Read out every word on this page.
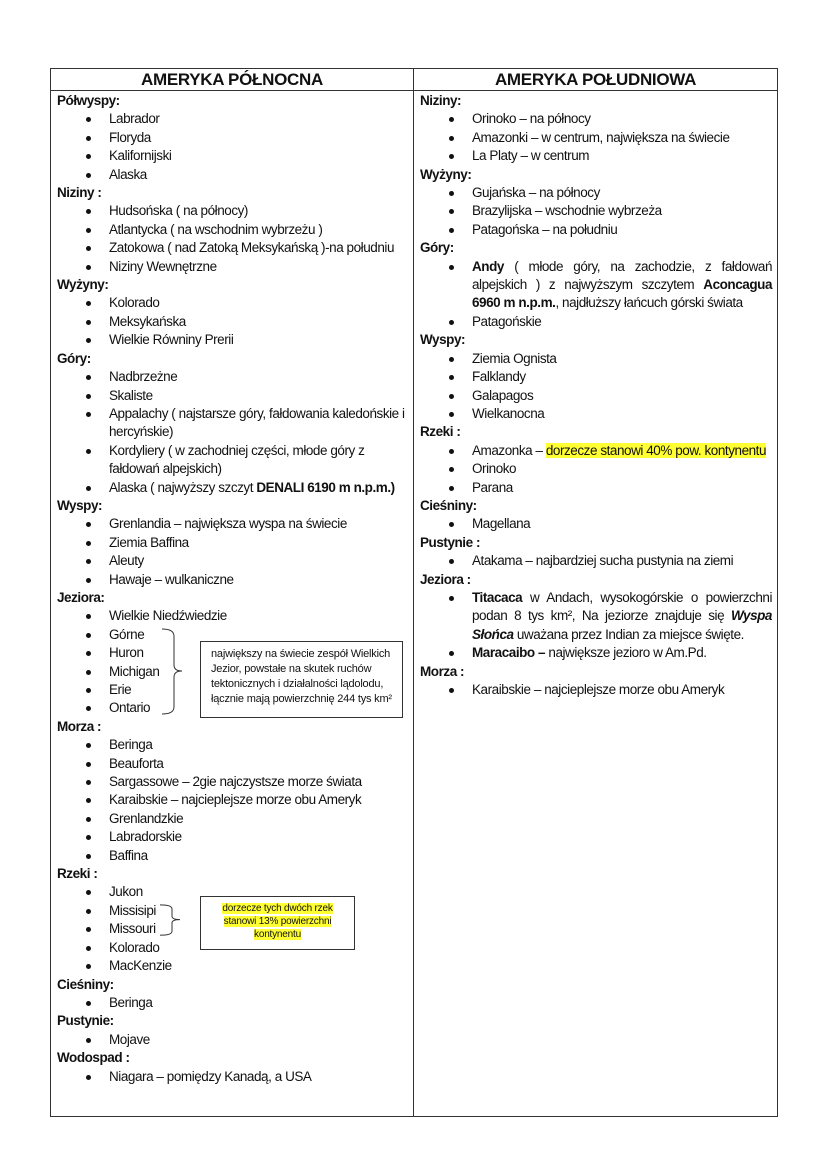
AMERYKA PÓŁNOCNA	AMERYKA POŁUDNIOWA
Półwyspy:
Labrador
Floryda
Kalifornijski
Alaska
Niziny :
Hudsońska ( na północy)
Atlantycka ( na wschodnim wybrzeżu )
Zatokowa ( nad Zatoką Meksykańską )-na południu
Niziny Wewnętrzne
Wyżyny:
Kolorado
Meksykańska
Wielkie Równiny Prerii
Góry:
Nadbrzeżne
Skaliste
Appalachy ( najstarsze góry, fałdowania kaledońskie i hercyńskie)
Kordyliery ( w zachodniej części, młode góry z fałdowań alpejskich)
Alaska ( najwyższy szczyt DENALI 6190 m n.p.m.)
Wyspy:
Grenlandia – największa wyspa na świecie
Ziemia Baffina
Aleuty
Hawaje – wulkaniczne
Jeziora:
Wielkie Niedźwiedzie
Górne
Huron
Michigan
Erie
Ontario
Morza :
Beringa
Beauforta
Sargassowe – 2gie najczystsze morze świata
Karaibskie – najcieplejsze morze obu Ameryk
Grenlandzkie
Labradorskie
Baffina
Rzeki :
Jukon
Missisipi
Missouri
Kolorado
MacKenzie
Cieśniny:
Beringa
Pustynie:
Mojave
Wodospad :
Niagara – pomiędzy Kanadą, a USA
Niziny:
Orinoko – na północy
Amazonki – w centrum, największa na świecie
La Platy – w centrum
Wyżyny:
Gujańska – na północy
Brazylijska – wschodnie wybrzeża
Patagońska – na południu
Góry:
Andy ( młode góry, na zachodzie, z fałdowań alpejskich ) z najwyższym szczytem Aconcagua 6960 m n.p.m., najdłuższy łańcuch górski świata
Patagońskie
Wyspy:
Ziemia Ognista
Falklandy
Galapagos
Wielkanocna
Rzeki :
Amazonka – dorzecze stanowi 40% pow. kontynentu
Orinoko
Parana
Cieśniny:
Magellana
Pustynie :
Atakama – najbardziej sucha pustynia na ziemi
Jeziora :
Titacaca w Andach, wysokogórskie o powierzchni podan 8 tys km², Na jeziorze znajduje się Wyspa Słońca uważana przez Indian za miejsce święte.
Maracaibo – największe jezioro w Am.Pd.
Morza :
Karaibskie – najcieplejsze morze obu Ameryk
największy na świecie zespół Wielkich Jezior, powstałe na skutek ruchów tektonicznych i działalności lądolodu, łącznie mają powierzchnię 244 tys km²
dorzecze tych dwóch rzek stanowi 13% powierzchni kontynentu
